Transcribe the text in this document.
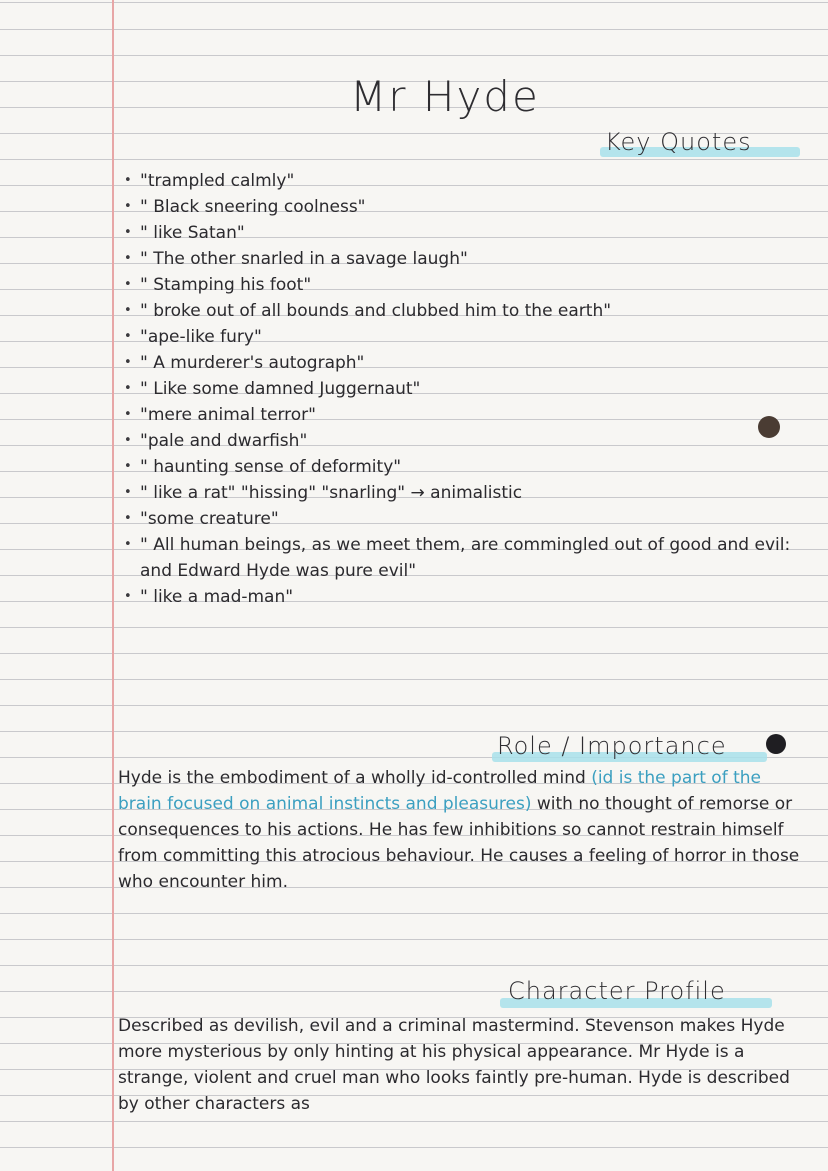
Mr Hyde
Key Quotes
• "trampled calmly"
• " Black sneering coolness"
• " like Satan"
• " The other snarled in a savage laugh"
• " Stamping his foot"
• " broke out of all bounds and clubbed him to the earth"
• "ape-like fury"
• " A murderer's autograph"
• " Like some damned Juggernaut"
• "mere animal terror"
• "pale and dwarfish"
• " haunting sense of deformity"
• " like a rat" "hissing" "snarling" → animalistic
• "some creature"
• " All human beings, as we meet them, are commingled out of good and evil: and Edward Hyde was pure evil"
• " like a mad-man"
Role / Importance

Hyde is the embodiment of a wholly id-controlled mind (id is the part of the brain focused on animal instincts and pleasures) with no thought of remorse or consequences to his actions. He has few inhibitions so cannot restrain himself from committing this atrocious behaviour. He causes a feeling of horror in those who encounter him.

Character Profile

Described as devilish, evil and a criminal mastermind. Stevenson makes Hyde more mysterious by only hinting at his physical appearance. Mr Hyde is a strange, violent and cruel man who looks faintly pre-human. Hyde is described by other characters as
